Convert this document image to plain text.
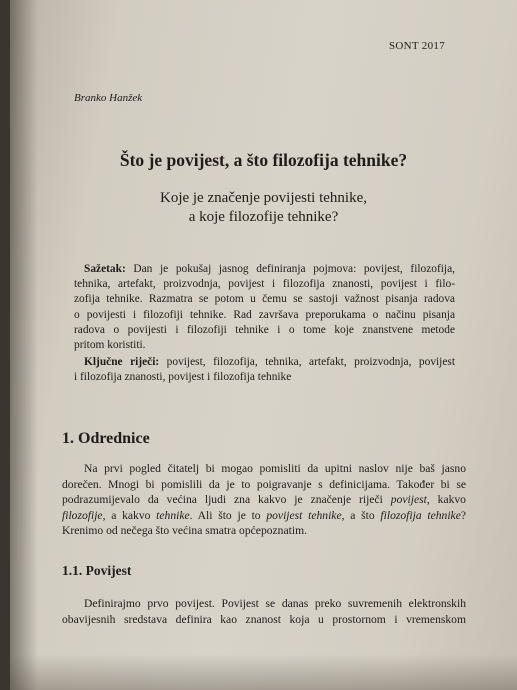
SONT 2017
Branko Hanžek
Što je povijest, a što filozofija tehnike?
Koje je značenje povijesti tehnike,
a koje filozofije tehnike?
Sažetak: Dan je pokušaj jasnog definiranja pojmova: povijest, filozofija,
tehnika, artefakt, proizvodnja, povijest i filozofija znanosti, povijest i filo-
zofija tehnike. Razmatra se potom u čemu se sastoji važnost pisanja radova
o povijesti i filozofiji tehnike. Rad završava preporukama o načinu pisanja
radova o povijesti i filozofiji tehnike i o tome koje znanstvene metode
pritom koristiti.
Ključne riječi: povijest, filozofija, tehnika, artefakt, proizvodnja, povijest
i filozofija znanosti, povijest i filozofija tehnike
1. Odrednice
Na prvi pogled čitatelj bi mogao pomisliti da upitni naslov nije baš jasno
dorečen. Mnogi bi pomislili da je to poigravanje s definicijama. Također bi se
podrazumijevalo da većina ljudi zna kakvo je značenje riječi povijest, kakvo
filozofije, a kakvo tehnike. Ali što je to povijest tehnike, a što filozofija tehnike?
Krenimo od nečega što većina smatra općepoznatim.
1.1. Povijest
Definirajmo prvo povijest. Povijest se danas preko suvremenih elektronskih
obavijesnih sredstava definira kao znanost koja u prostornom i vremenskom
